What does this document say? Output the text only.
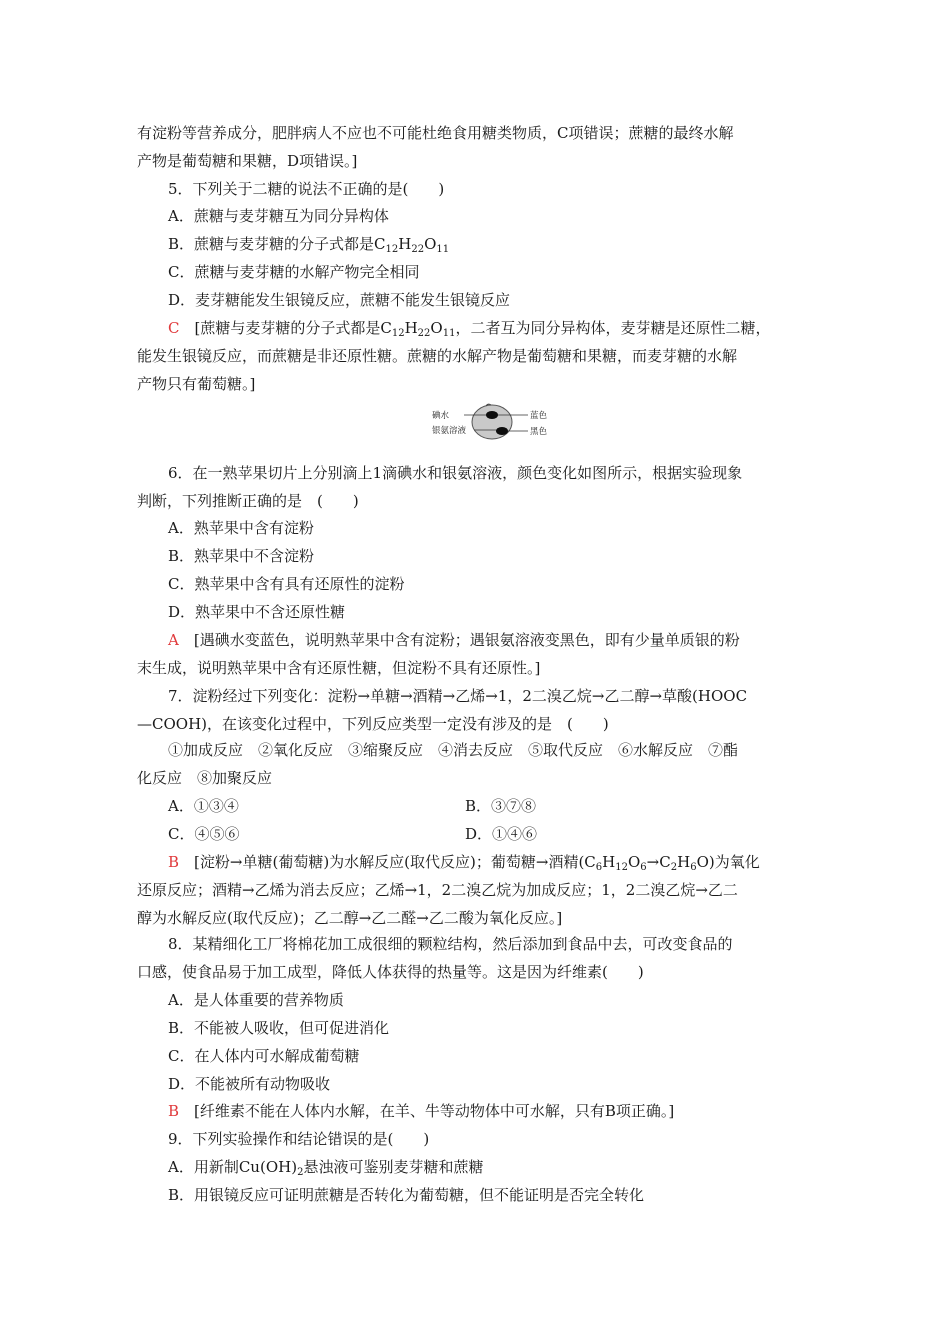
有淀粉等营养成分，肥胖病人不应也不可能杜绝食用糖类物质，C项错误；蔗糖的最终水解
产物是葡萄糖和果糖，D项错误。]
5．下列关于二糖的说法不正确的是(　　)
A．蔗糖与麦芽糖互为同分异构体
B．蔗糖与麦芽糖的分子式都是$C_{12}H_{22}O_{11}$
C．蔗糖与麦芽糖的水解产物完全相同
D．麦芽糖能发生银镜反应，蔗糖不能发生银镜反应
C　 [蔗糖与麦芽糖的分子式都是$C_{12}H_{22}O_{11}$，二者互为同分异构体，麦芽糖是还原性二糖，
能发生银镜反应，而蔗糖是非还原性糖。蔗糖的水解产物是葡萄糖和果糖，而麦芽糖的水解
产物只有葡萄糖。]
碘水
银氨溶液
蓝色
黑色
6．在一熟苹果切片上分别滴上1滴碘水和银氨溶液，颜色变化如图所示，根据实验现象
判断，下列推断正确的是　(　　)
A．熟苹果中含有淀粉
B．熟苹果中不含淀粉
C．熟苹果中含有具有还原性的淀粉
D．熟苹果中不含还原性糖
A　 [遇碘水变蓝色，说明熟苹果中含有淀粉；遇银氨溶液变黑色，即有少量单质银的粉
末生成，说明熟苹果中含有还原性糖，但淀粉不具有还原性。]
7．淀粉经过下列变化：淀粉→单糖→酒精→乙烯→1，2二溴乙烷→乙二醇→草酸(HOOC
—COOH)，在该变化过程中，下列反应类型一定没有涉及的是　(　　)
①加成反应　②氧化反应　③缩聚反应　④消去反应　⑤取代反应　⑥水解反应　⑦酯
化反应　⑧加聚反应
A．①③④	B．③⑦⑧
C．④⑤⑥	D．①④⑥
B　 [淀粉→单糖(葡萄糖)为水解反应(取代反应)；葡萄糖→酒精$(C_6H_{12}O_6\to C_2H_6O)$为氧化
还原反应；酒精→乙烯为消去反应；乙烯→1，2二溴乙烷为加成反应；1，2二溴乙烷→乙二
醇为水解反应(取代反应)；乙二醇→乙二醛→乙二酸为氧化反应。]
8．某精细化工厂将棉花加工成很细的颗粒结构，然后添加到食品中去，可改变食品的
口感，使食品易于加工成型，降低人体获得的热量等。这是因为纤维素(　　)
A．是人体重要的营养物质
B．不能被人吸收，但可促进消化
C．在人体内可水解成葡萄糖
D．不能被所有动物吸收
B　 [纤维素不能在人体内水解，在羊、牛等动物体中可水解，只有B项正确。]
9．下列实验操作和结论错误的是(　　)
A．用新制$Cu(OH)_2$悬浊液可鉴别麦芽糖和蔗糖
B．用银镜反应可证明蔗糖是否转化为葡萄糖，但不能证明是否完全转化
